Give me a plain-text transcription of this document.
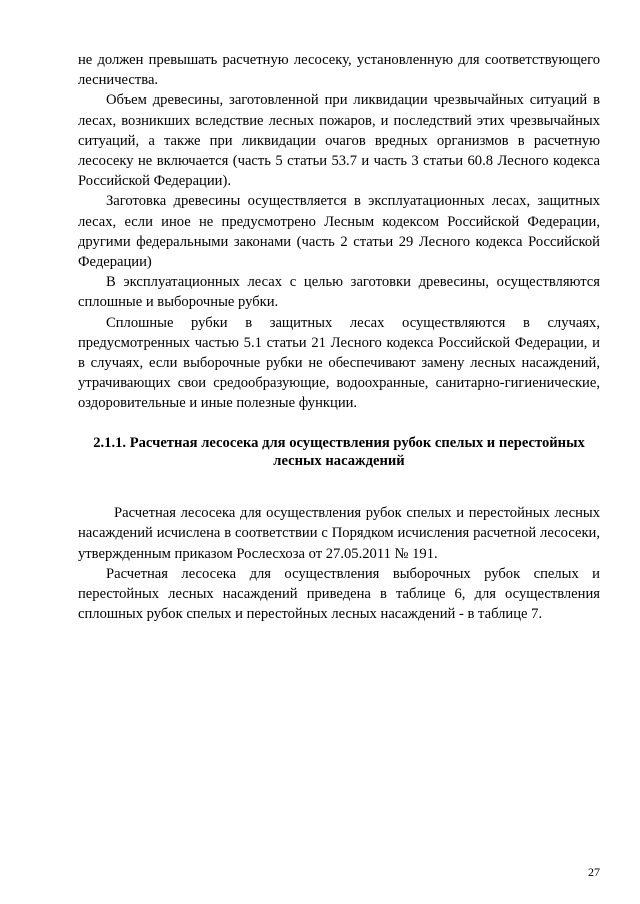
не должен превышать расчетную лесосеку, установленную для соответствующего лесничества.

Объем древесины, заготовленной при ликвидации чрезвычайных ситуаций в лесах, возникших вследствие лесных пожаров, и последствий этих чрезвычайных ситуаций, а также при ликвидации очагов вредных организмов в расчетную лесосеку не включается (часть 5 статьи 53.7 и часть 3 статьи 60.8 Лесного кодекса Российской Федерации).

Заготовка древесины осуществляется в эксплуатационных лесах, защитных лесах, если иное не предусмотрено Лесным кодексом Российской Федерации, другими федеральными законами (часть 2 статьи 29 Лесного кодекса Российской Федерации)

В эксплуатационных лесах с целью заготовки древесины, осуществляются сплошные и выборочные рубки.

Сплошные рубки в защитных лесах осуществляются в случаях, предусмотренных частью 5.1 статьи 21 Лесного кодекса Российской Федерации, и в случаях, если выборочные рубки не обеспечивают замену лесных насаждений, утрачивающих свои средообразующие, водоохранные, санитарно-гигиенические, оздоровительные и иные полезные функции.

2.1.1. Расчетная лесосека для осуществления рубок спелых и перестойных лесных насаждений

Расчетная лесосека для осуществления рубок спелых и перестойных лесных насаждений исчислена в соответствии с Порядком исчисления расчетной лесосеки, утвержденным приказом Рослесхоза от 27.05.2011 № 191.

Расчетная лесосека для осуществления выборочных рубок спелых и перестойных лесных насаждений приведена в таблице 6, для осуществления сплошных рубок спелых и перестойных лесных насаждений - в таблице 7.

27
